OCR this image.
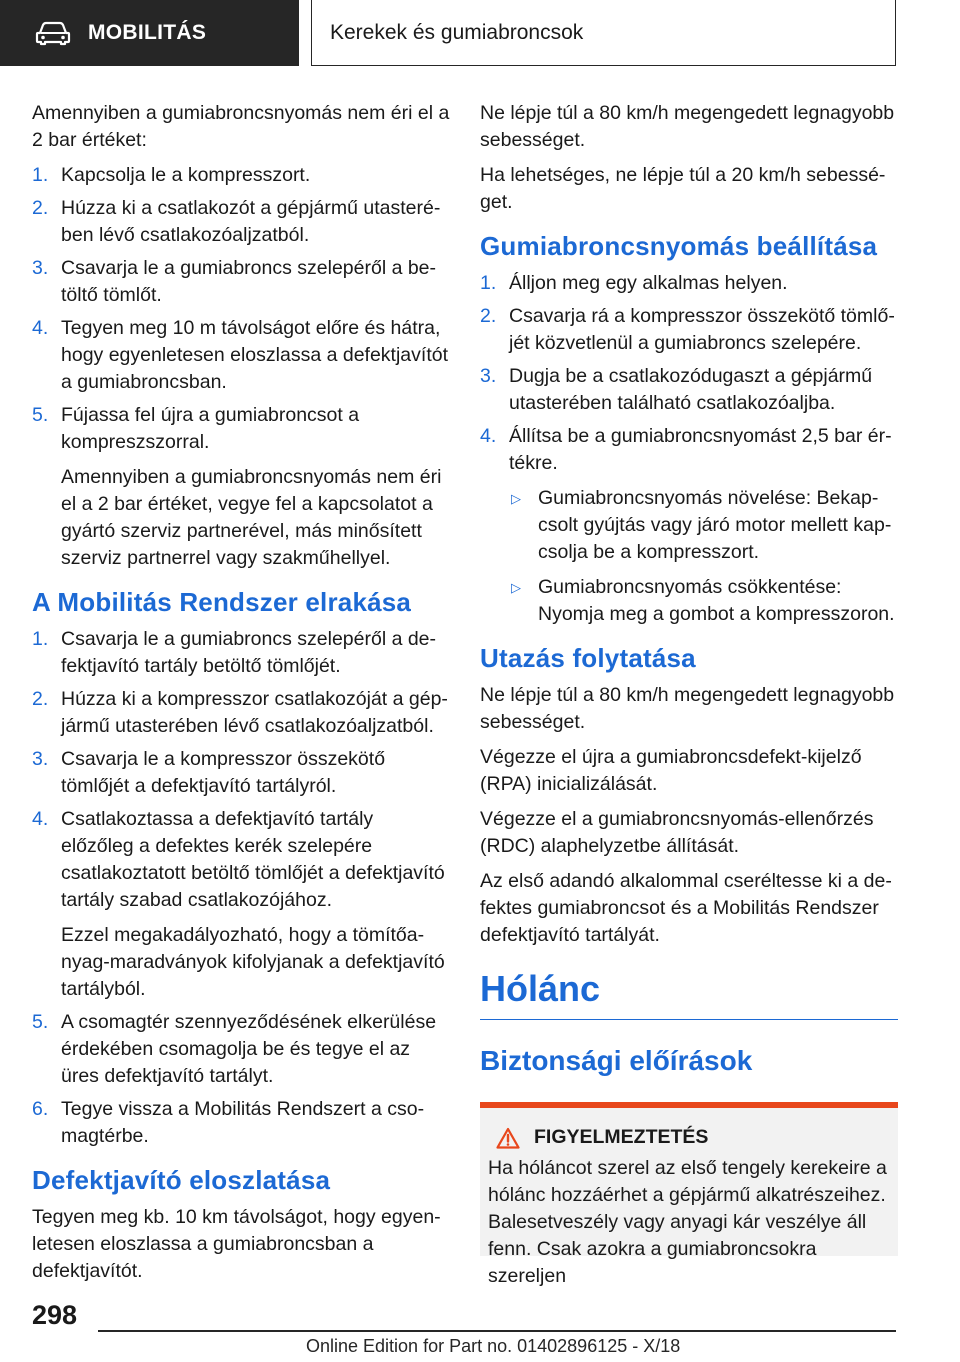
MOBILITÁS	Kerekek és gumiabroncsok

Amennyiben a gumiabroncsnyomás nem éri el a 2 bar értéket:

1. Kapcsolja le a kompresszort.
2. Húzza ki a csatlakozót a gépjármű utasterében lévő csatlakozóaljzatból.
3. Csavarja le a gumiabroncs szelepéről a betöltő tömlőt.
4. Tegyen meg 10 m távolságot előre és hátra, hogy egyenletesen eloszlassa a defektjavítót a gumiabroncsban.
5. Fújassa fel újra a gumiabroncsot a kompreszszorral.
Amennyiben a gumiabroncsnyomás nem éri el a 2 bar értéket, vegye fel a kapcsolatot a gyártó szerviz partnerével, más minősített szerviz partnerrel vagy szakműhellyel.
A Mobilitás Rendszer elrakása
1. Csavarja le a gumiabroncs szelepéről a defektjavító tartály betöltő tömlőjét.
2. Húzza ki a kompresszor csatlakozóját a gépjármű utasterében lévő csatlakozóaljzatból.
3. Csavarja le a kompresszor összekötő tömlőjét a defektjavító tartályról.
4. Csatlakoztassa a defektjavító tartály előzőleg a defektes kerék szelepére csatlakoztatott betöltő tömlőjét a defektjavító tartály szabad csatlakozójához.
Ezzel megakadályozható, hogy a tömítőanyag-maradványok kifolyjanak a defektjavító tartályból.
5. A csomagtér szennyeződésének elkerülése érdekében csomagolja be és tegye el az üres defektjavító tartályt.
6. Tegye vissza a Mobilitás Rendszert a csomagtérbe.
Defektjavító eloszlatása

Tegyen meg kb. 10 km távolságot, hogy egyenletesen eloszlassa a gumiabroncsban a defektjavítót.

Ne lépje túl a 80 km/h megengedett legnagyobb sebességet.

Ha lehetséges, ne lépje túl a 20 km/h sebességet.

Gumiabroncsnyomás beállítása
1. Álljon meg egy alkalmas helyen.
2. Csavarja rá a kompresszor összekötő tömlőjét közvetlenül a gumiabroncs szelepére.
3. Dugja be a csatlakozódugaszt a gépjármű utasterében található csatlakozóaljba.
4. Állítsa be a gumiabroncsnyomást 2,5 bar értékre.
▷ Gumiabroncsnyomás növelése: Bekapcsolt gyújtás vagy járó motor mellett kapcsolja be a kompresszort.
▷ Gumiabroncsnyomás csökkentése: Nyomja meg a gombot a kompresszoron.
Utazás folytatása

Ne lépje túl a 80 km/h megengedett legnagyobb sebességet.

Végezze el újra a gumiabroncsdefekt-kijelző (RPA) inicializálását.

Végezze el a gumiabroncsnyomás-ellenőrzés (RDC) alaphelyzetbe állítását.

Az első adandó alkalommal cseréltesse ki a defektes gumiabroncsot és a Mobilitás Rendszer defektjavító tartályát.

Hólánc
Biztonsági előírások
FIGYELMEZTETÉS

Ha hóláncot szerel az első tengely kerekeire a hólánc hozzáérhet a gépjármű alkatrészeihez. Balesetveszély vagy anyagi kár veszélye áll fenn. Csak azokra a gumiabroncsokra szereljen

298
Online Edition for Part no. 01402896125 - X/18
